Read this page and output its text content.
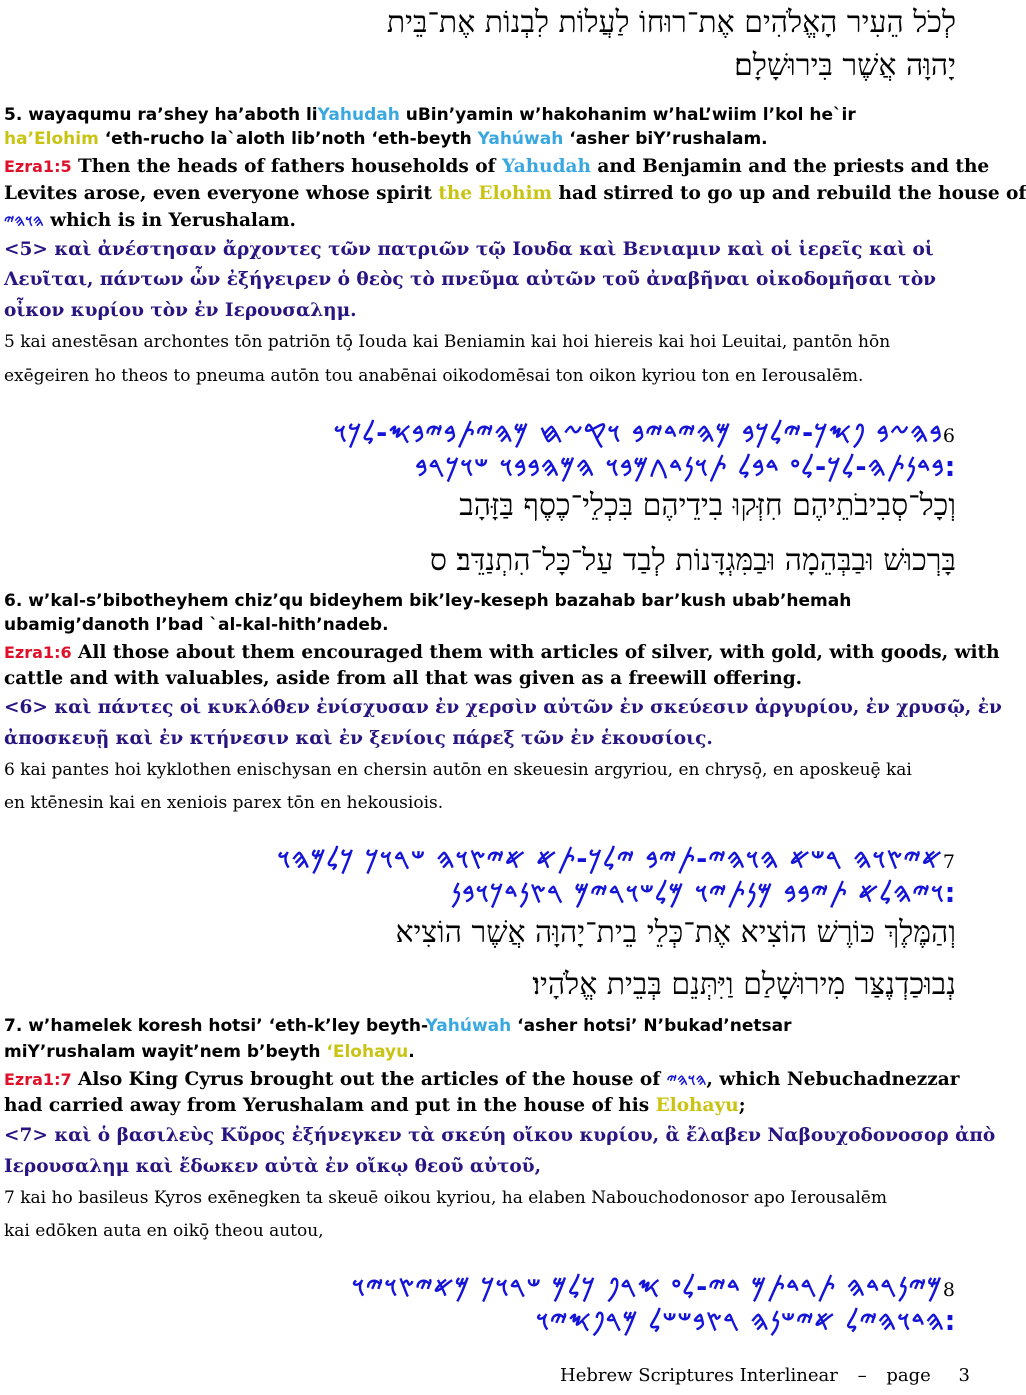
לְכֹל הֵעִיר הָאֱלֹהִים אֶת־רוּחוֹ לַעֲלוֹת לִבְנוֹת אֶת־בֵּית
יָהוָּה אֲשֶׁר בִּירוּשָׁלָם׃
5. wayaqumu ra’shey ha’aboth liYahudah uBin’yamin w’hakohanim w’haL’wiim l’kol he`ir
ha’Elohim ‘eth-rucho la`aloth lib’noth ‘eth-beyth Yahúwah ‘asher biY’rushalam.
Ezra1:5 Then the heads of fathers households of Yahudah and Benjamin and the priests and the
Levites arose, even everyone whose spirit the Elohim had stirred to go up and rebuild the house of
𐤄𐤅𐤄𐤉 which is in Yerushalam.
<5> καὶ ἀνέστησαν ἄρχοντες τῶν πατριῶν τῷ Ιουδα καὶ Βενιαμιν καὶ οἱ ἱερεῖς καὶ οἱ
Λευῖται, πάντων ὧν ἐξήγειρεν ὁ θεὸς τὸ πνεῦμα αὐτῶν τοῦ ἀναβῆναι οἰκοδομῆσαι τὸν
οἶκον κυρίου τὸν ἐν Ιερουσαλημ.
5 kai anestēsan archontes tōn patriōn tō̧ Iouda kai Beniamin kai hoi hiereis kai hoi Leuitai, pantōn hōn
exēgeiren ho theos to pneuma autōn tou anabēnai oikodomēsai ton oikon kyriou ton en Ierousalēm.
6𐤁𐤄𐤆𐤁 𐤐𐤎𐤊-𐤉𐤋𐤊𐤁 𐤌𐤄𐤉𐤃𐤉𐤁 𐤅𐤒𐤆𐤇 𐤌𐤄𐤉𐤕𐤁𐤉𐤁𐤎-𐤋𐤊𐤅
׃𐤁𐤃𐤍𐤕𐤄-𐤋𐤊-𐤋𐤏 𐤃𐤁𐤋 𐤕𐤅𐤍𐤃𐤂𐤌𐤁𐤅 𐤄𐤌𐤄𐤁𐤁𐤅 𐤔𐤅𐤊𐤓𐤁
וְכָל־סְבִיבֹתֵיהֶם חִזְּקוּ בִידֵיהֶם בִּכְלֵי־כֶסֶף בַּזָּהָב
בָּרְכוּשׁ וּבַבְּהֵמָה וּבַמִּגְדָּנוֹת לְבַד עַל־כָּל־הִתְנַדֵּב׃ ס
6. w’kal-s’bibotheyhem chiz’qu bideyhem bik’ley-keseph bazahab bar’kush ubab’hemah
ubamig’danoth l’bad `al-kal-hith’nadeb.
Ezra1:6 All those about them encouraged them with articles of silver, with gold, with goods, with
cattle and with valuables, aside from all that was given as a freewill offering.
<6> καὶ πάντες οἱ κυκλόθεν ἐνίσχυσαν ἐν χερσὶν αὐτῶν ἐν σκεύεσιν ἀργυρίου, ἐν χρυσῷ, ἐν
ἀποσκευῇ καὶ ἐν κτήνεσιν καὶ ἐν ξενίοις πάρεξ τῶν ἐν ἑκουσίοις.
6 kai pantes hoi kyklothen enischysan en chersin autōn en skeuesin argyriou, en chrysō̧, en aposkeuȩ̄ kai
en ktēnesin kai en xeniois parex tōn en hekousiois.
7𐤀𐤉𐤑𐤅𐤄 𐤓𐤔𐤀 𐤄𐤅𐤄𐤉-𐤕𐤉𐤁 𐤉𐤋𐤊-𐤕𐤀 𐤀𐤉𐤑𐤅𐤄 𐤔𐤓𐤅𐤊 𐤊𐤋𐤌𐤄𐤅
׃𐤅𐤉𐤄𐤋𐤀 𐤕𐤉𐤁𐤁 𐤌𐤍𐤕𐤉𐤅 𐤌𐤋𐤔𐤅𐤓𐤉𐤌 𐤓𐤑𐤍𐤃𐤊𐤅𐤁𐤍
וְהַמֶּלֶךְ כּוֹרֶשׁ הוֹצִיא אֶת־כְּלֵי בֵית־יָהוָּה אֲשֶׁר הוֹצִיא
נְבוּכַדְנֶצַּר מִירוּשָׁלַם וַיִּתְּנֵם בְּבֵית אֱלֹהָיו׃
7. w’hamelek koresh hotsi’ ‘eth-k’ley beyth-Yahúwah ‘asher hotsi’ N’bukad’netsar
miY’rushalam wayit’nem b’beyth ‘Elohayu.
Ezra1:7 Also King Cyrus brought out the articles of the house of 𐤄𐤅𐤄𐤉, which Nebuchadnezzar
had carried away from Yerushalam and put in the house of his Elohayu;
<7> καὶ ὁ βασιλεὺς Κῦρος ἐξήνεγκεν τὰ σκεύη οἴκου κυρίου, ἃ ἔλαβεν Ναβουχοδονοσορ ἀπὸ
Ιερουσαλημ καὶ ἔδωκεν αὐτὰ ἐν οἴκῳ θεοῦ αὐτοῦ,
7 kai ho basileus Kyros exēnegken ta skeuē oikou kyriou, ha elaben Nabouchodonosor apo Ierousalēm
kai edōken auta en oikō̧ theou autou,
8𐤌𐤉𐤍𐤓𐤃𐤄 𐤕𐤓𐤃𐤕𐤌 𐤃𐤉-𐤋𐤏 𐤎𐤓𐤐 𐤊𐤋𐤌 𐤔𐤓𐤅𐤊 𐤌𐤀𐤉𐤑𐤅𐤉𐤅
׃𐤄𐤃𐤅𐤄𐤉𐤋 𐤀𐤉𐤔𐤍𐤄 𐤓𐤑𐤁𐤔𐤔𐤋 𐤌𐤓𐤐𐤎𐤉𐤅
Hebrew Scriptures Interlinear – page 3
